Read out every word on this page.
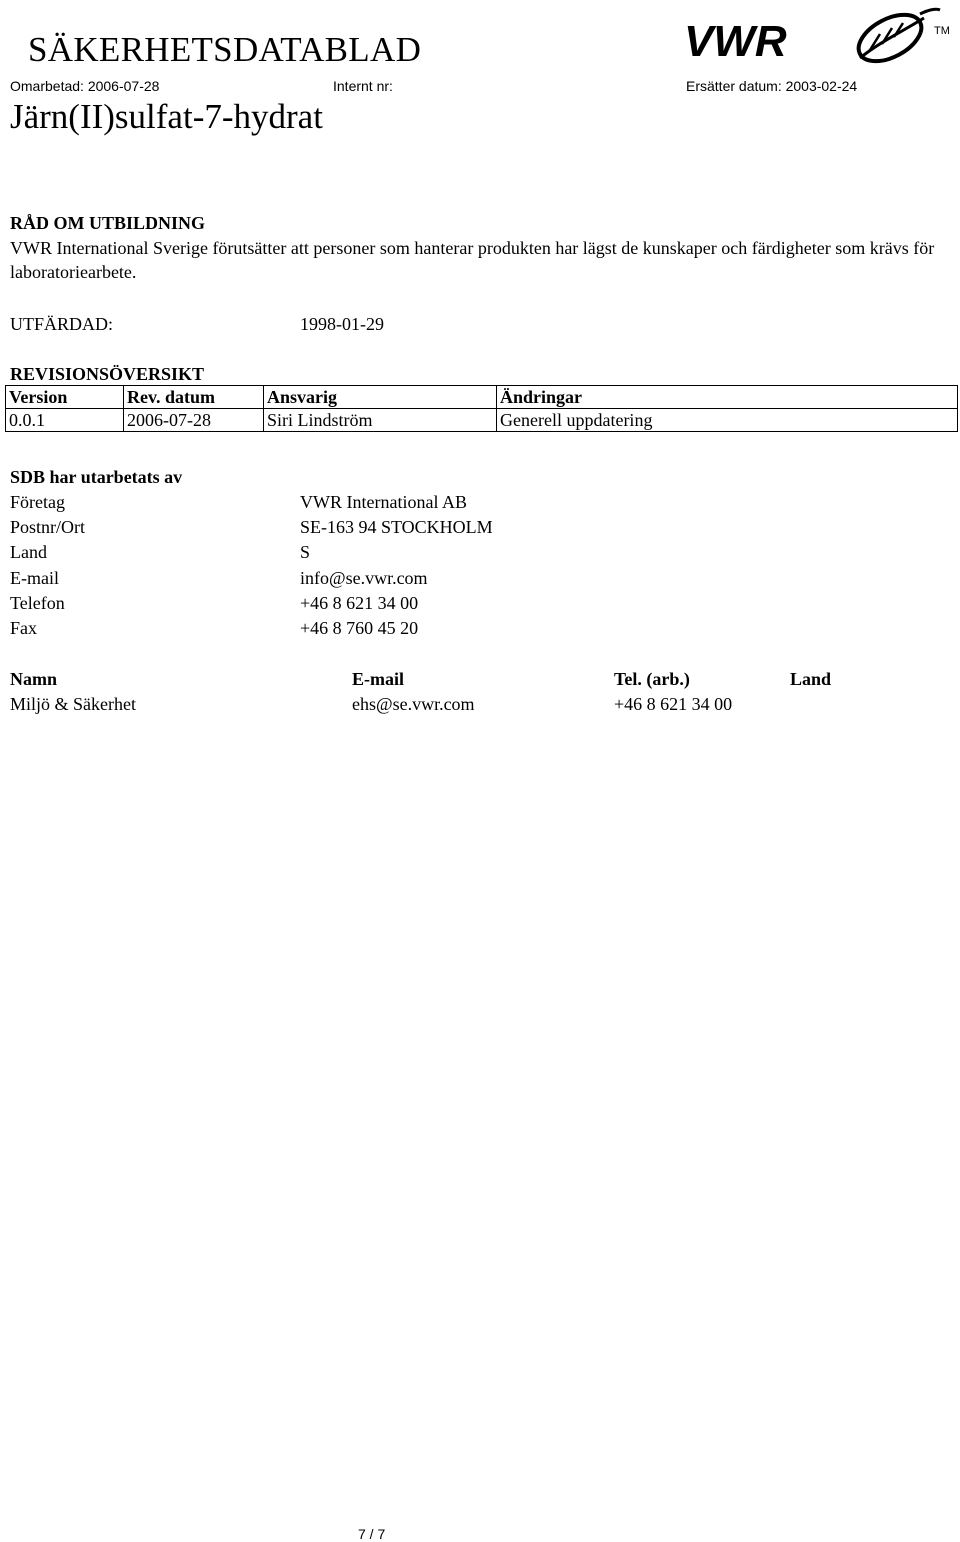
SÄKERHETSDATABLAD
Omarbetad: 2006-07-28	Internt nr:	Ersätter datum: 2003-02-24
Järn(II)sulfat-7-hydrat
VWR	TM
RÅD OM UTBILDNING
VWR International Sverige förutsätter att personer som hanterar produkten har lägst de kunskaper och färdigheter som krävs för laboratoriearbete.
UTFÄRDAD:	1998-01-29
REVISIONSÖVERSIKT
Version	Rev. datum	Ansvarig	Ändringar
0.0.1	2006-07-28	Siri Lindström	Generell uppdatering
SDB har utarbetats av
Företag	VWR International AB
Postnr/Ort	SE-163 94 STOCKHOLM
Land	S
E-mail	info@se.vwr.com
Telefon	+46 8 621 34 00
Fax	+46 8 760 45 20
Namn	E-mail	Tel. (arb.)	Land
Miljö & Säkerhet	ehs@se.vwr.com	+46 8 621 34 00
7 / 7
